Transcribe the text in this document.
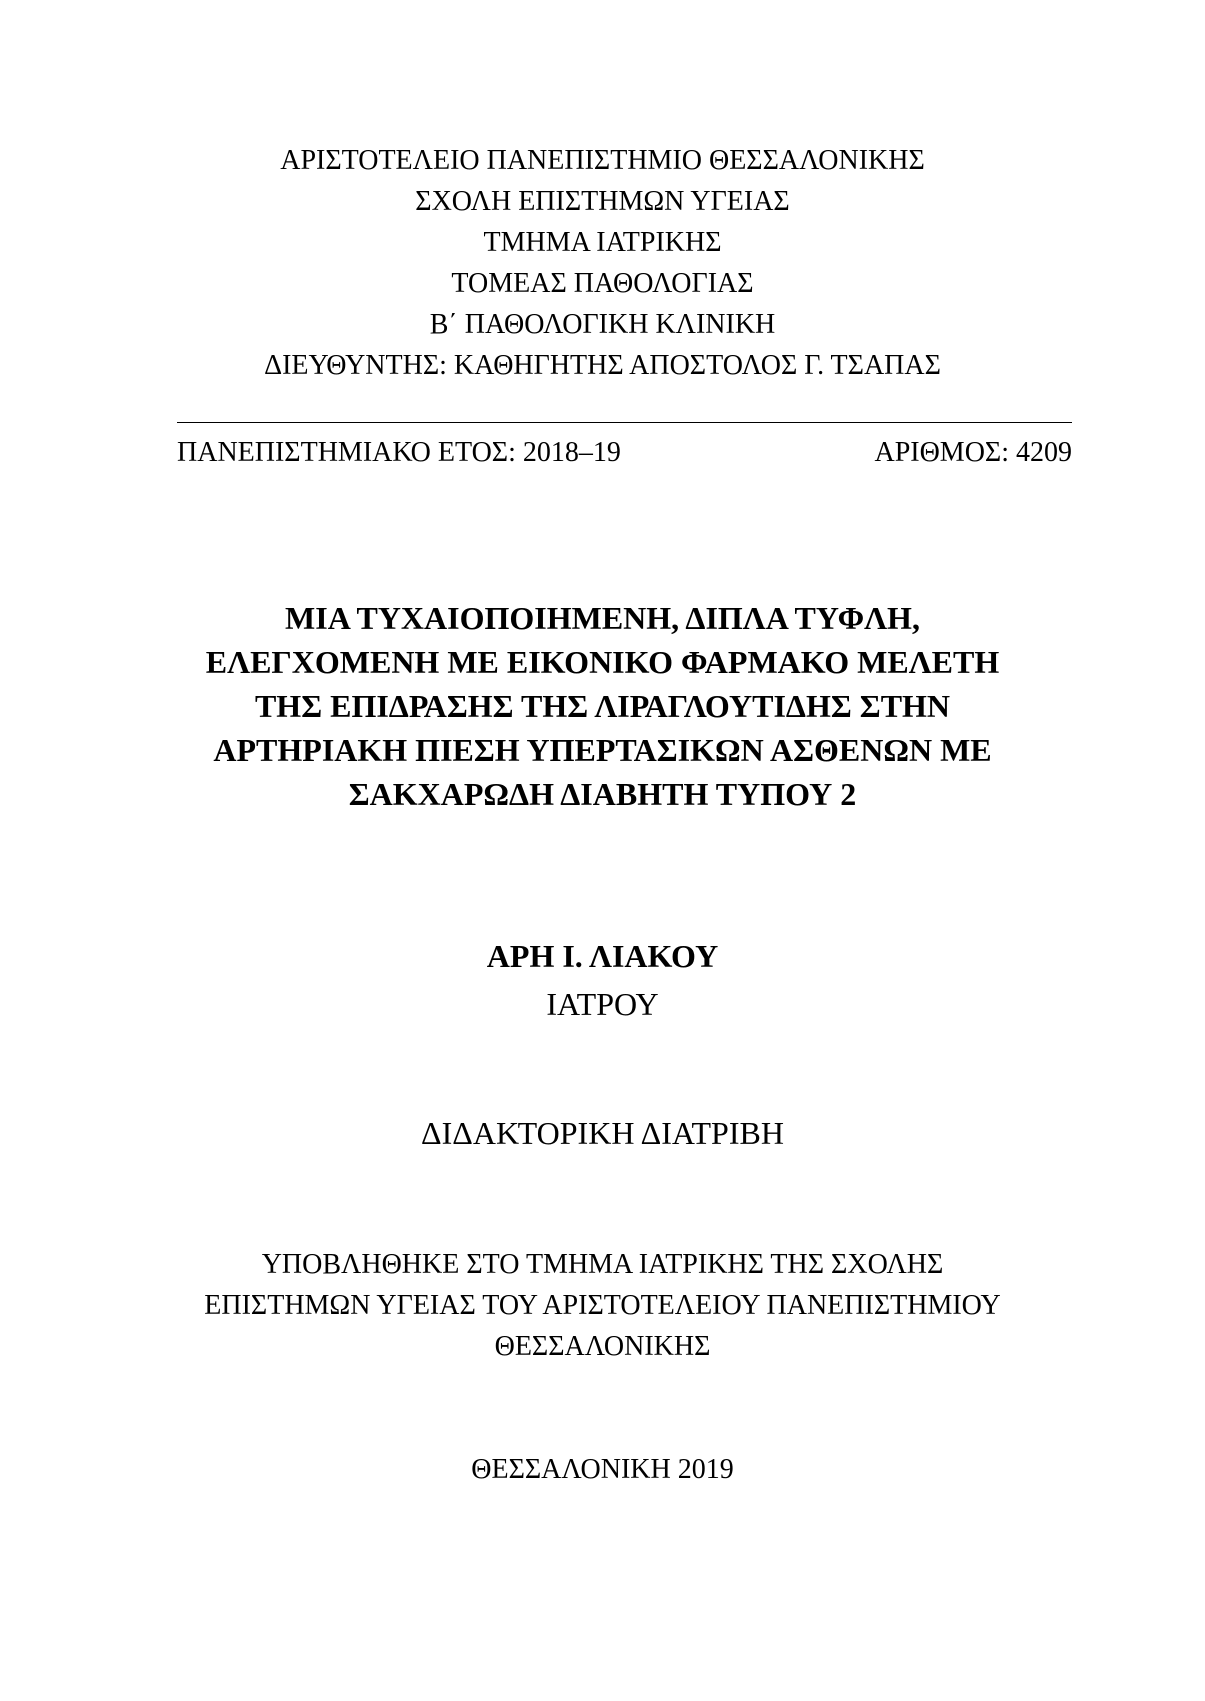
ΑΡΙΣΤΟΤΕΛΕΙΟ ΠΑΝΕΠΙΣΤΗΜΙΟ ΘΕΣΣΑΛΟΝΙΚΗΣ
ΣΧΟΛΗ ΕΠΙΣΤΗΜΩΝ ΥΓΕΙΑΣ
ΤΜΗΜΑ ΙΑΤΡΙΚΗΣ
ΤΟΜΕΑΣ ΠΑΘΟΛΟΓΙΑΣ
Β΄ ΠΑΘΟΛΟΓΙΚΗ ΚΛΙΝΙΚΗ
ΔΙΕΥΘΥΝΤΗΣ: ΚΑΘΗΓΗΤΗΣ ΑΠΟΣΤΟΛΟΣ Γ. ΤΣΑΠΑΣ
ΠΑΝΕΠΙΣΤΗΜΙΑΚΟ ΕΤΟΣ: 2018–19	ΑΡΙΘΜΟΣ: 4209
ΜΙΑ ΤΥΧΑΙΟΠΟΙΗΜΕΝΗ, ΔΙΠΛΑ ΤΥΦΛΗ,
ΕΛΕΓΧΟΜΕΝΗ ΜΕ ΕΙΚΟΝΙΚΟ ΦΑΡΜΑΚΟ ΜΕΛΕΤΗ
ΤΗΣ ΕΠΙΔΡΑΣΗΣ ΤΗΣ ΛΙΡΑΓΛΟΥΤΙΔΗΣ ΣΤΗΝ
ΑΡΤΗΡΙΑΚΗ ΠΙΕΣΗ ΥΠΕΡΤΑΣΙΚΩΝ ΑΣΘΕΝΩΝ ΜΕ
ΣΑΚΧΑΡΩΔΗ ΔΙΑΒΗΤΗ ΤΥΠΟΥ 2
ΑΡΗ Ι. ΛΙΑΚΟΥ
ΙΑΤΡΟΥ
ΔΙΔΑΚΤΟΡΙΚΗ ΔΙΑΤΡΙΒΗ
ΥΠΟΒΛΗΘΗΚΕ ΣΤΟ ΤΜΗΜΑ ΙΑΤΡΙΚΗΣ ΤΗΣ ΣΧΟΛΗΣ
ΕΠΙΣΤΗΜΩΝ ΥΓΕΙΑΣ ΤΟΥ ΑΡΙΣΤΟΤΕΛΕΙΟΥ ΠΑΝΕΠΙΣΤΗΜΙΟΥ
ΘΕΣΣΑΛΟΝΙΚΗΣ
ΘΕΣΣΑΛΟΝΙΚΗ 2019
